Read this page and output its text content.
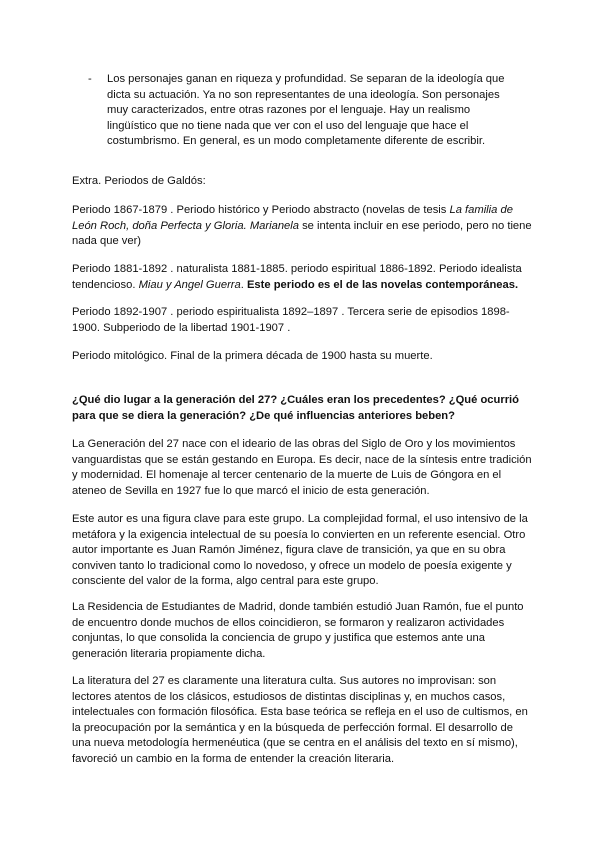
- Los personajes ganan en riqueza y profundidad. Se separan de la ideología que dicta su actuación. Ya no son representantes de una ideología. Son personajes muy caracterizados, entre otras razones por el lenguaje. Hay un realismo lingüístico que no tiene nada que ver con el uso del lenguaje que hace el costumbrismo. En general, es un modo completamente diferente de escribir.
Extra. Periodos de Galdós:
Periodo 1867-1879 . Periodo histórico y Periodo abstracto (novelas de tesis La familia de León Roch, doña Perfecta y Gloria. Marianela se intenta incluir en ese periodo, pero no tiene nada que ver)
Periodo 1881-1892 . naturalista 1881-1885. periodo espiritual 1886-1892. Periodo idealista tendencioso. Miau y Angel Guerra. Este periodo es el de las novelas contemporáneas.
Periodo 1892-1907 . periodo espiritualista 1892–1897 . Tercera serie de episodios 1898-1900. Subperiodo de la libertad 1901-1907 .
Periodo mitológico. Final de la primera década de 1900 hasta su muerte.
¿Qué dio lugar a la generación del 27? ¿Cuáles eran los precedentes? ¿Qué ocurrió para que se diera la generación? ¿De qué influencias anteriores beben?
La Generación del 27 nace con el ideario de las obras del Siglo de Oro y los movimientos vanguardistas que se están gestando en Europa. Es decir, nace de la síntesis entre tradición y modernidad. El homenaje al tercer centenario de la muerte de Luis de Góngora en el ateneo de Sevilla en 1927 fue lo que marcó el inicio de esta generación.
Este autor es una figura clave para este grupo. La complejidad formal, el uso intensivo de la metáfora y la exigencia intelectual de su poesía lo convierten en un referente esencial. Otro autor importante es Juan Ramón Jiménez, figura clave de transición, ya que en su obra conviven tanto lo tradicional como lo novedoso, y ofrece un modelo de poesía exigente y consciente del valor de la forma, algo central para este grupo.
La Residencia de Estudiantes de Madrid, donde también estudió Juan Ramón, fue el punto de encuentro donde muchos de ellos coincidieron, se formaron y realizaron actividades conjuntas, lo que consolida la conciencia de grupo y justifica que estemos ante una generación literaria propiamente dicha.
La literatura del 27 es claramente una literatura culta. Sus autores no improvisan: son lectores atentos de los clásicos, estudiosos de distintas disciplinas y, en muchos casos, intelectuales con formación filosófica. Esta base teórica se refleja en el uso de cultismos, en la preocupación por la semántica y en la búsqueda de perfección formal. El desarrollo de una nueva metodología hermenéutica (que se centra en el análisis del texto en sí mismo), favoreció un cambio en la forma de entender la creación literaria.
